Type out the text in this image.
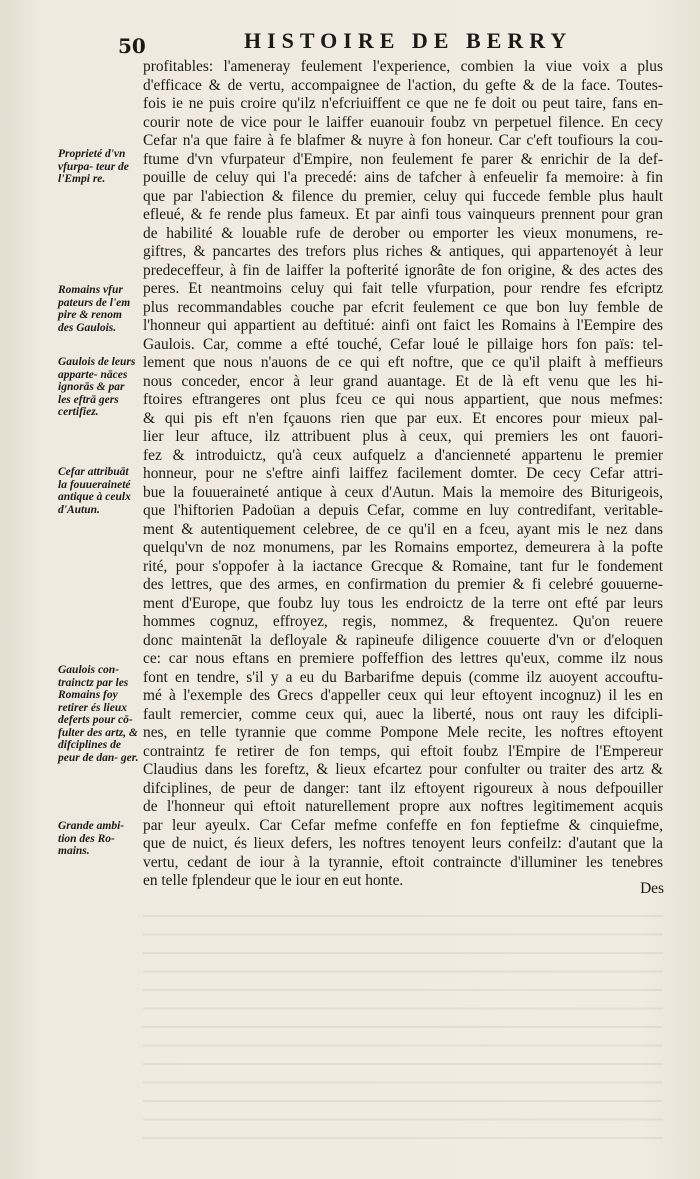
50	HISTOIRE DE BERRY
Proprieté d'vn vfurpa- teur de l'Empi re.
Romains vfur pateurs de l'em pire & renom des Gaulois.
Gaulois de leurs apparte- nāces ignorās & par les eftrā gers certifiez.
Cefar attribuāt la fouueraineté antique à ceulx d'Autun.
Gaulois con- trainctz par les Romains foy retirer és lieux deferts pour cō- fulter des artz, & difciplines de peur de dan- ger.
Grande ambi- tion des Ro- mains.
profitables: l'ameneray feulement l'experience, combien la viue voix a plus
d'efficace & de vertu, accompaignee de l'action, du gefte & de la face. Toutes-
fois ie ne puis croire qu'ilz n'efcriuiffent ce que ne fe doit ou peut taire, fans en-
courir note de vice pour le laiffer euanouir foubz vn perpetuel filence. En cecy
Cefar n'a que faire à fe blafmer & nuyre à fon honeur. Car c'eft toufiours la cou-
ftume d'vn vfurpateur d'Empire, non feulement fe parer & enrichir de la def-
pouille de celuy qui l'a precedé: ains de tafcher à enfeuelir fa memoire: à fin
que par l'abiection & filence du premier, celuy qui fuccede femble plus hault
efleué, & fe rende plus fameux. Et par ainfi tous vainqueurs prennent pour gran
de habilité & louable rufe de derober ou emporter les vieux monumens, re-
giftres, & pancartes des trefors plus riches & antiques, qui appartenoyét à leur
predeceffeur, à fin de laiffer la pofterité ignorâte de fon origine, & des actes des
peres. Et neantmoins celuy qui fait telle vfurpation, pour rendre fes efcriptz
plus recommandables couche par efcrit feulement ce que bon luy femble de
l'honneur qui appartient au deftitué: ainfi ont faict les Romains à l'Eempire des
Gaulois. Car, comme a efté touché, Cefar loué le pillaige hors fon païs: tel-
lement que nous n'auons de ce qui eft noftre, que ce qu'il plaift à meffieurs
nous conceder, encor à leur grand auantage. Et de là eft venu que les hi-
ftoires eftrangeres ont plus fceu ce qui nous appartient, que nous mefmes:
& qui pis eft n'en fçauons rien que par eux. Et encores pour mieux pal-
lier leur aftuce, ilz attribuent plus à ceux, qui premiers les ont fauori-
fez & introduictz, qu'à ceux aufquelz a d'ancienneté appartenu le premier
honneur, pour ne s'eftre ainfi laiffez facilement domter. De cecy Cefar attri-
bue la fouueraineté antique à ceux d'Autun. Mais la memoire des Biturigeois,
que l'hiftorien Padoüan a depuis Cefar, comme en luy contredifant, veritable-
ment & autentiquement celebree, de ce qu'il en a fceu, ayant mis le nez dans
quelqu'vn de noz monumens, par les Romains emportez, demeurera à la pofte
rité, pour s'oppofer à la iactance Grecque & Romaine, tant fur le fondement
des lettres, que des armes, en confirmation du premier & fi celebré gouuerne-
ment d'Europe, que foubz luy tous les endroictz de la terre ont efté par leurs
hommes cognuz, effroyez, regis, nommez, & frequentez. Qu'on reuere
donc maintenāt la defloyale & rapineufe diligence couuerte d'vn or d'eloquen
ce: car nous eftans en premiere poffeffion des lettres qu'eux, comme ilz nous
font en tendre, s'il y a eu du Barbarifme depuis (comme ilz auoyent accouftu-
mé à l'exemple des Grecs d'appeller ceux qui leur eftoyent incognuz) il les en
fault remercier, comme ceux qui, auec la liberté, nous ont rauy les difcipli-
nes, en telle tyrannie que comme Pompone Mele recite, les noftres eftoyent
contraintz fe retirer de fon temps, qui eftoit foubz l'Empire de l'Empereur
Claudius dans les foreftz, & lieux efcartez pour confulter ou traiter des artz &
difciplines, de peur de danger: tant ilz eftoyent rigoureux à nous defpouiller
de l'honneur qui eftoit naturellement propre aux noftres legitimement acquis
par leur ayeulx. Car Cefar mefme confeffe en fon feptiefme & cinquiefme,
que de nuict, és lieux defers, les noftres tenoyent leurs confeilz: d'autant que la
vertu, cedant de iour à la tyrannie, eftoit contraincte d'illuminer les tenebres
en telle fplendeur que le iour en eut honte.	Des
